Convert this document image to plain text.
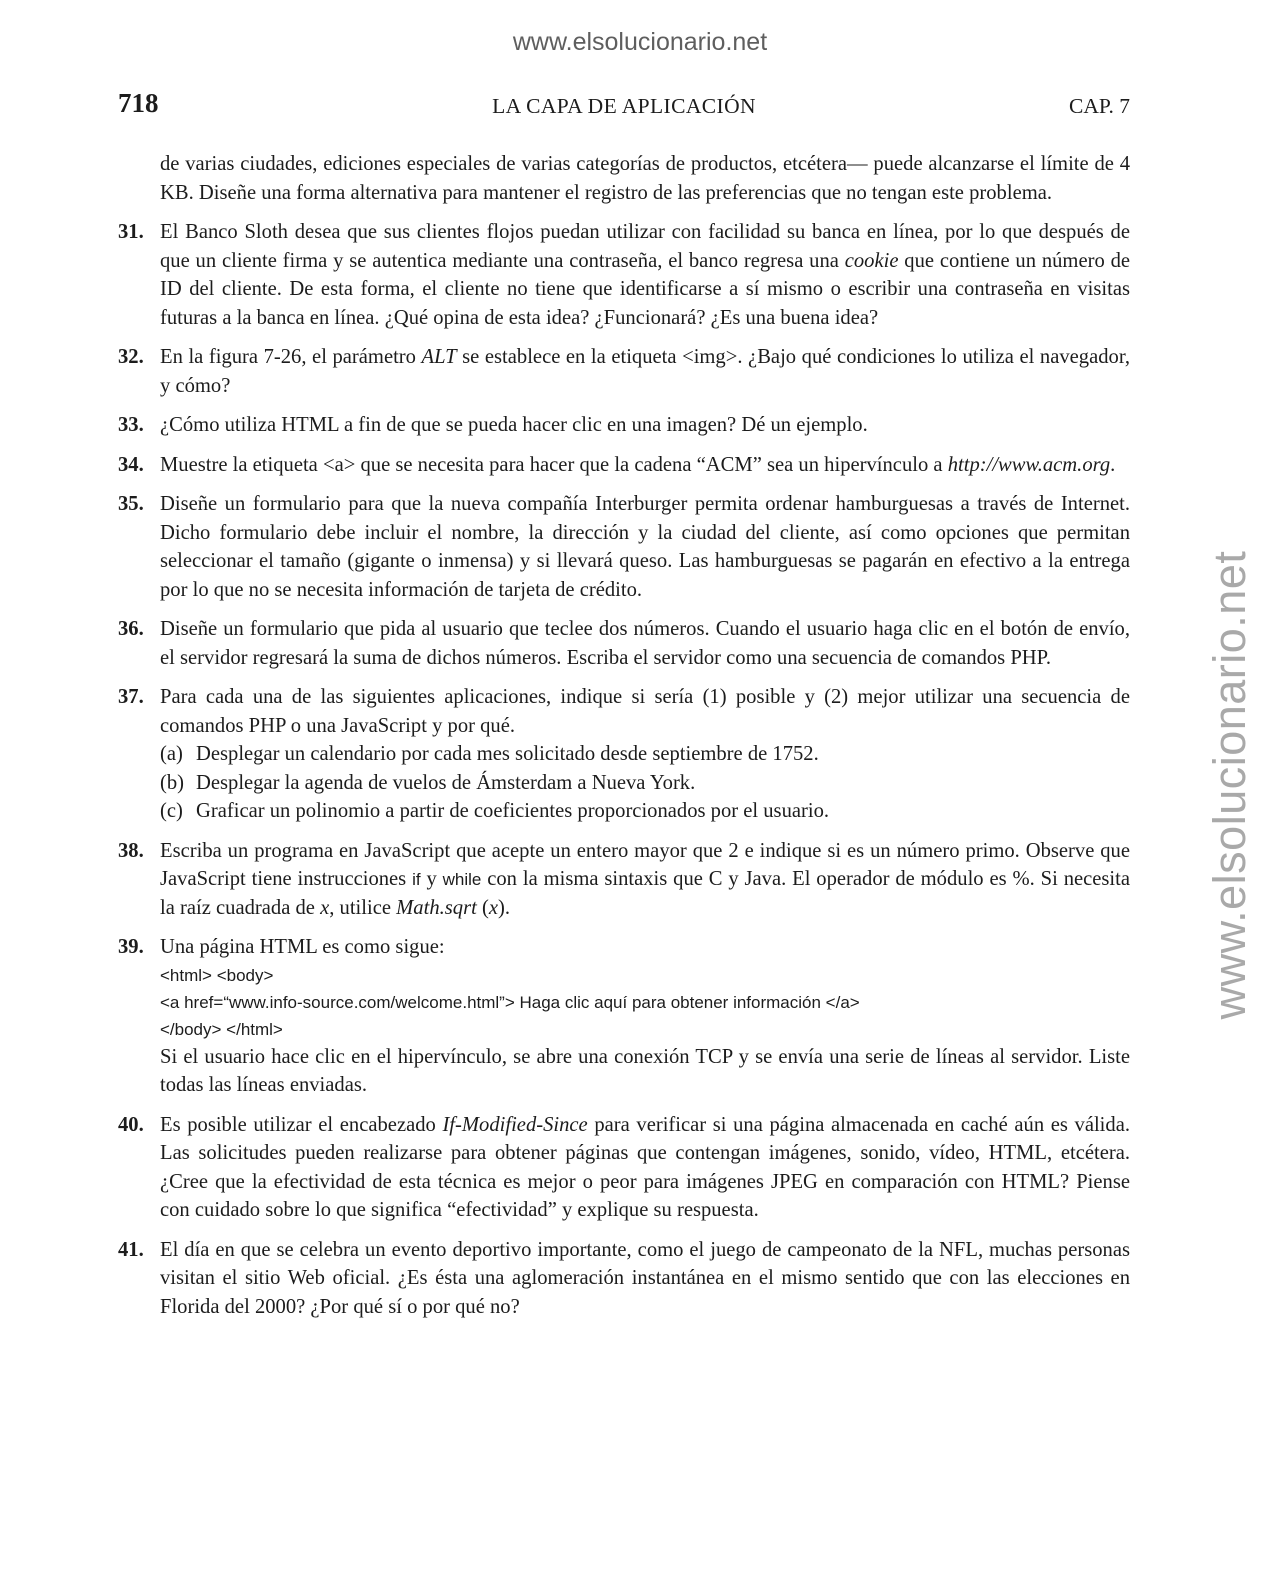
www.elsolucionario.net
www.elsolucionario.net
718	LA CAPA DE APLICACIÓN	CAP. 7
de varias ciudades, ediciones especiales de varias categorías de productos, etcétera— puede alcanzarse el límite de 4 KB. Diseñe una forma alternativa para mantener el registro de las preferencias que no tengan este problema.
31. El Banco Sloth desea que sus clientes flojos puedan utilizar con facilidad su banca en línea, por lo que después de que un cliente firma y se autentica mediante una contraseña, el banco regresa una cookie que contiene un número de ID del cliente. De esta forma, el cliente no tiene que identificarse a sí mismo o escribir una contraseña en visitas futuras a la banca en línea. ¿Qué opina de esta idea? ¿Funcionará? ¿Es una buena idea?
32. En la figura 7-26, el parámetro ALT se establece en la etiqueta <img>. ¿Bajo qué condiciones lo utiliza el navegador, y cómo?
33. ¿Cómo utiliza HTML a fin de que se pueda hacer clic en una imagen? Dé un ejemplo.
34. Muestre la etiqueta <a> que se necesita para hacer que la cadena “ACM” sea un hipervínculo a http://www.acm.org.
35. Diseñe un formulario para que la nueva compañía Interburger permita ordenar hamburguesas a través de Internet. Dicho formulario debe incluir el nombre, la dirección y la ciudad del cliente, así como opciones que permitan seleccionar el tamaño (gigante o inmensa) y si llevará queso. Las hamburguesas se pagarán en efectivo a la entrega por lo que no se necesita información de tarjeta de crédito.
36. Diseñe un formulario que pida al usuario que teclee dos números. Cuando el usuario haga clic en el botón de envío, el servidor regresará la suma de dichos números. Escriba el servidor como una secuencia de comandos PHP.
37. Para cada una de las siguientes aplicaciones, indique si sería (1) posible y (2) mejor utilizar una secuencia de comandos PHP o una JavaScript y por qué.
(a) Desplegar un calendario por cada mes solicitado desde septiembre de 1752.
(b) Desplegar la agenda de vuelos de Ámsterdam a Nueva York.
(c) Graficar un polinomio a partir de coeficientes proporcionados por el usuario.
38. Escriba un programa en JavaScript que acepte un entero mayor que 2 e indique si es un número primo. Observe que JavaScript tiene instrucciones if y while con la misma sintaxis que C y Java. El operador de módulo es %. Si necesita la raíz cuadrada de x, utilice Math.sqrt (x).
39. Una página HTML es como sigue:
<html> <body>
<a href=“www.info-source.com/welcome.html”> Haga clic aquí para obtener información </a>
</body> </html>
Si el usuario hace clic en el hipervínculo, se abre una conexión TCP y se envía una serie de líneas al servidor. Liste todas las líneas enviadas.
40. Es posible utilizar el encabezado If-Modified-Since para verificar si una página almacenada en caché aún es válida. Las solicitudes pueden realizarse para obtener páginas que contengan imágenes, sonido, vídeo, HTML, etcétera. ¿Cree que la efectividad de esta técnica es mejor o peor para imágenes JPEG en comparación con HTML? Piense con cuidado sobre lo que significa “efectividad” y explique su respuesta.
41. El día en que se celebra un evento deportivo importante, como el juego de campeonato de la NFL, muchas personas visitan el sitio Web oficial. ¿Es ésta una aglomeración instantánea en el mismo sentido que con las elecciones en Florida del 2000? ¿Por qué sí o por qué no?
